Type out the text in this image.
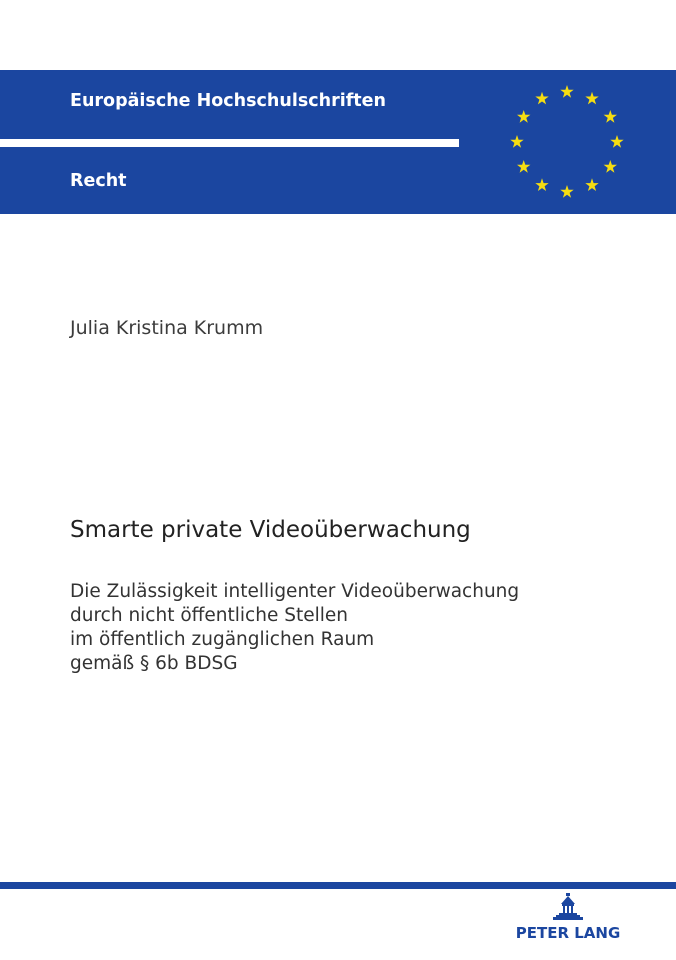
Europäische Hochschulschriften
Recht
Julia Kristina Krumm
Smarte private Videoüberwachung
Die Zulässigkeit intelligenter Videoüberwachung
durch nicht öffentliche Stellen
im öffentlich zugänglichen Raum
gemäß § 6b BDSG
PETER LANG
